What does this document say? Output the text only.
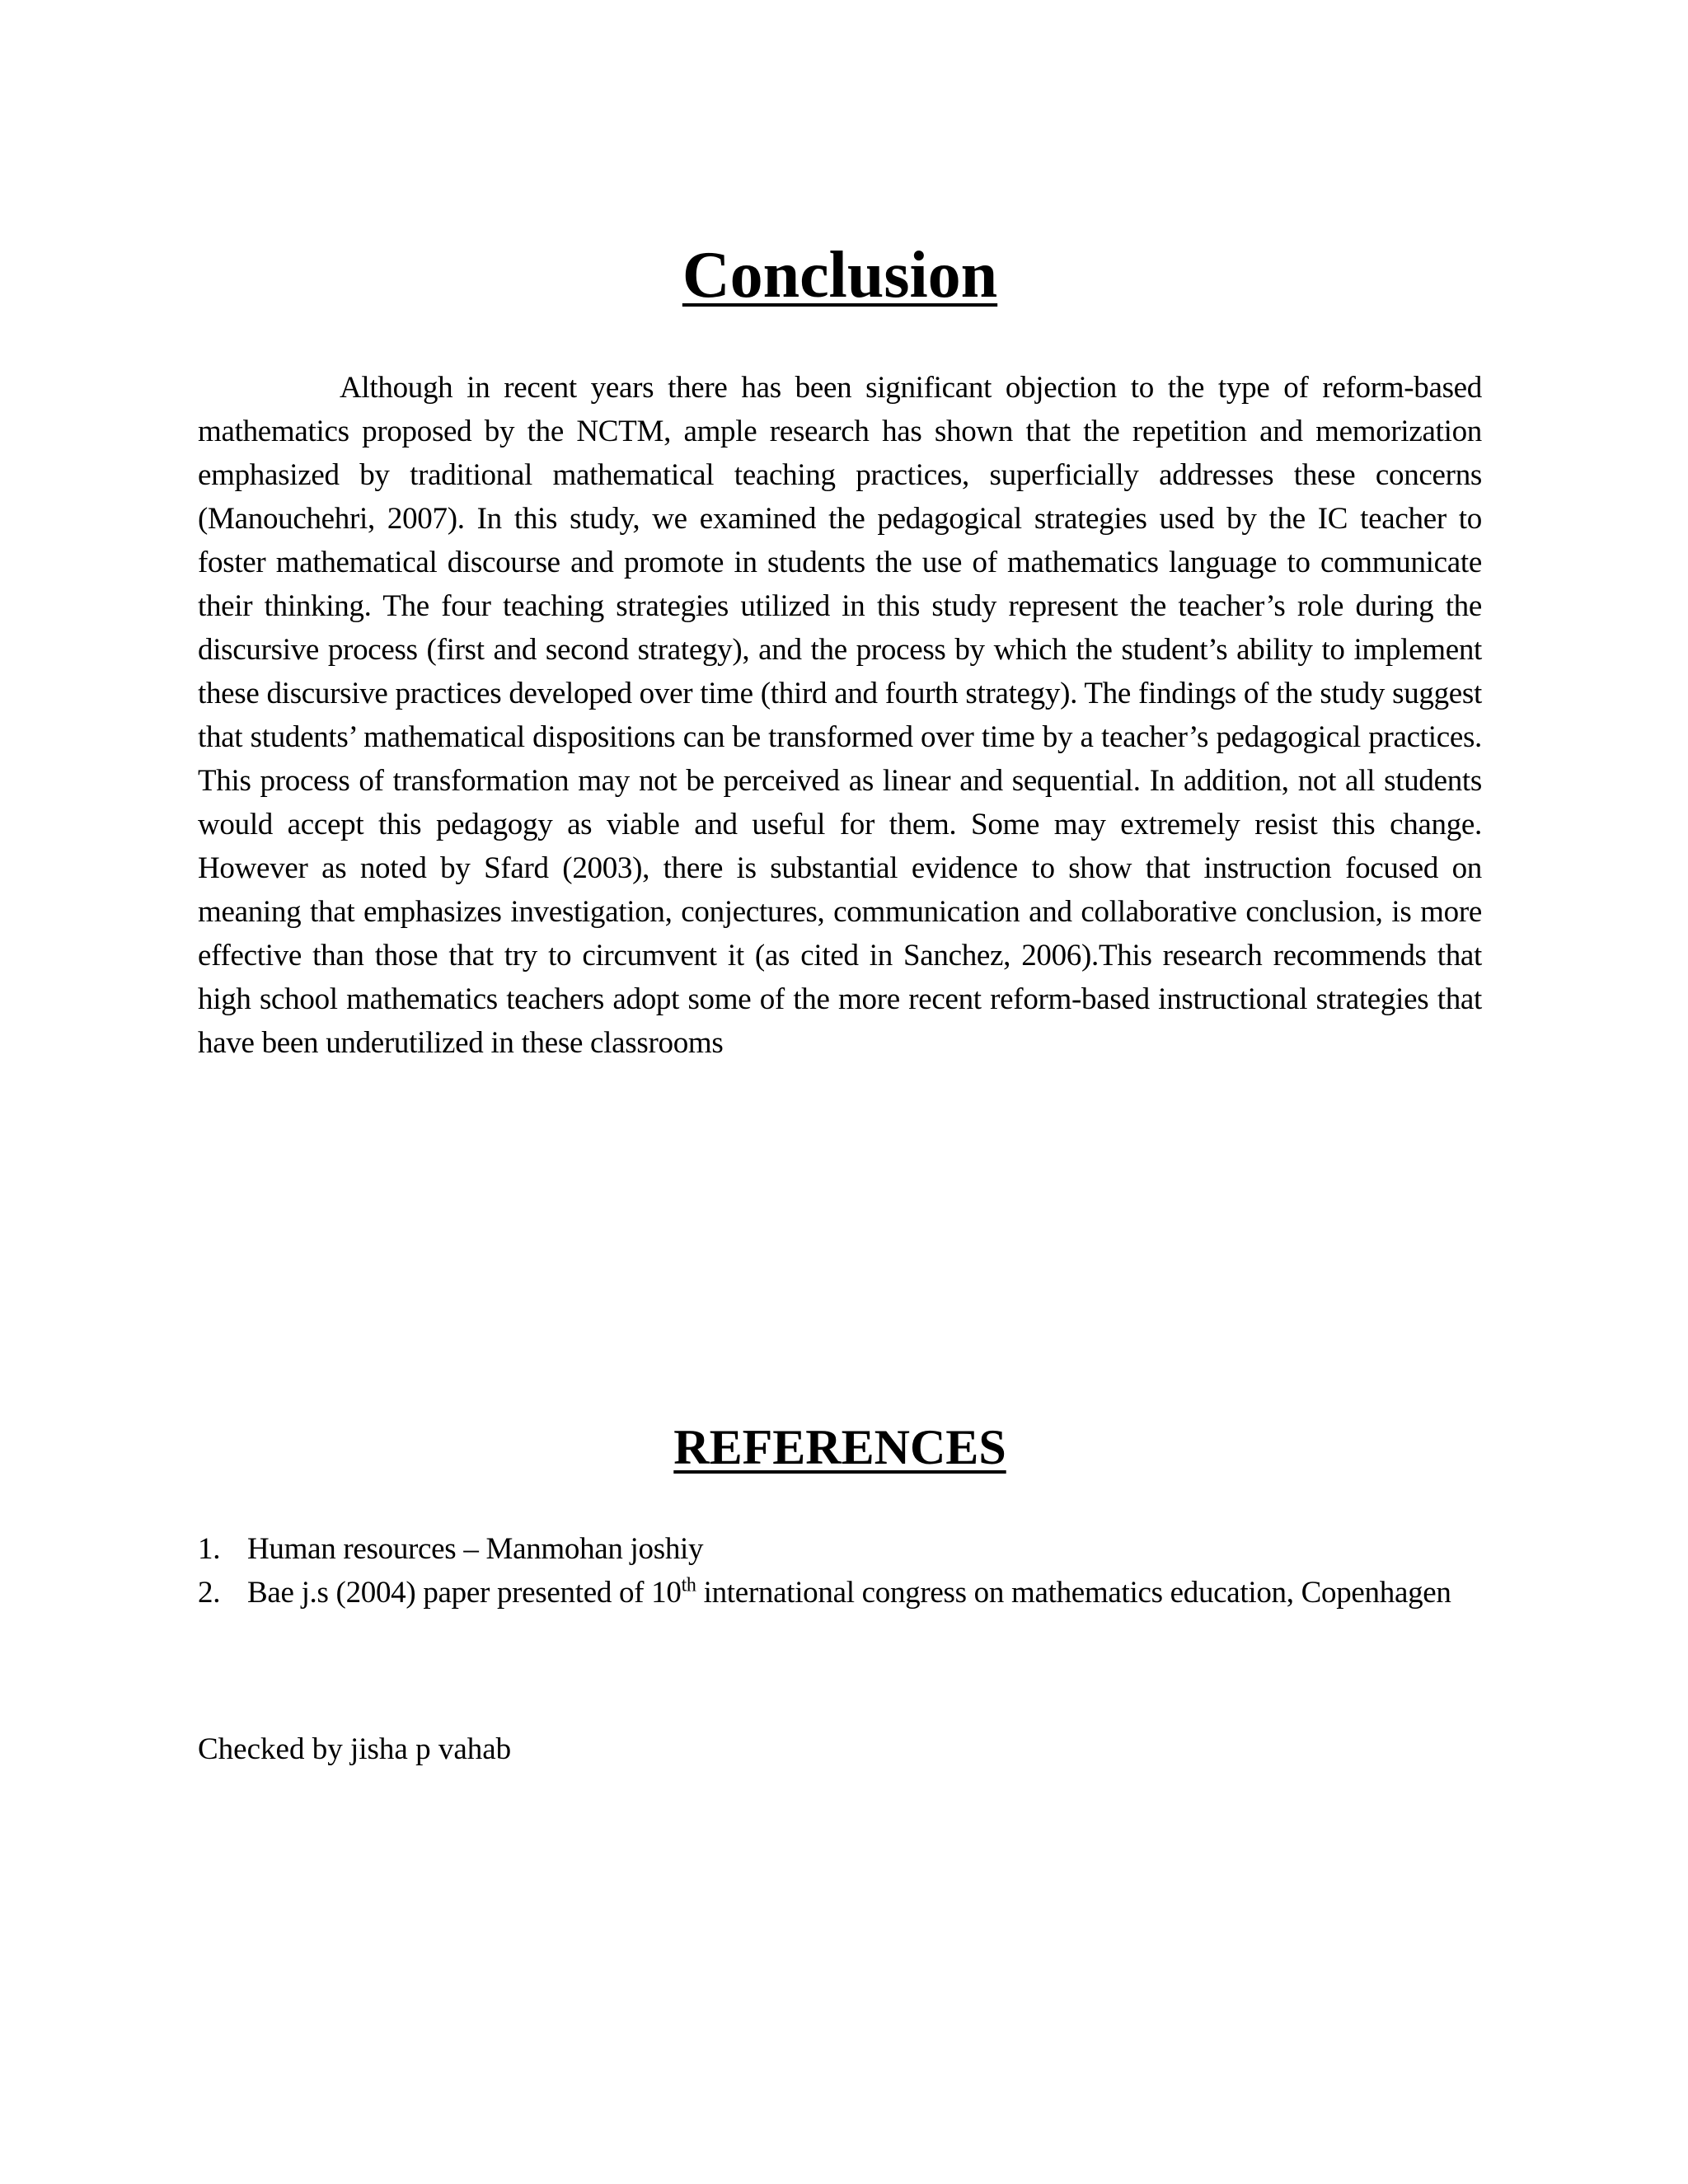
Conclusion

Although in recent years there has been significant objection to the type of reform-based mathematics proposed by the NCTM, ample research has shown that the repetition and memorization emphasized by traditional mathematical teaching practices, superficially addresses these concerns (Manouchehri, 2007). In this study, we examined the pedagogical strategies used by the IC teacher to foster mathematical discourse and promote in students the use of mathematics language to communicate their thinking. The four teaching strategies utilized in this study represent the teacher’s role during the discursive process (first and second strategy), and the process by which the student’s ability to implement these discursive practices developed over time (third and fourth strategy). The findings of the study suggest that students’ mathematical dispositions can be transformed over time by a teacher’s pedagogical practices. This process of transformation may not be perceived as linear and sequential. In addition, not all students would accept this pedagogy as viable and useful for them. Some may extremely resist this change. However as noted by Sfard (2003), there is substantial evidence to show that instruction focused on meaning that emphasizes investigation, conjectures, communication and collaborative conclusion, is more effective than those that try to circumvent it (as cited in Sanchez, 2006).This research recommends that high school mathematics teachers adopt some of the more recent reform-based instructional strategies that have been underutilized in these classrooms

REFERENCES
1. Human resources – Manmohan joshiy
2. Bae j.s (2004) paper presented of 10th international congress on mathematics education, Copenhagen

Checked by jisha p vahab
